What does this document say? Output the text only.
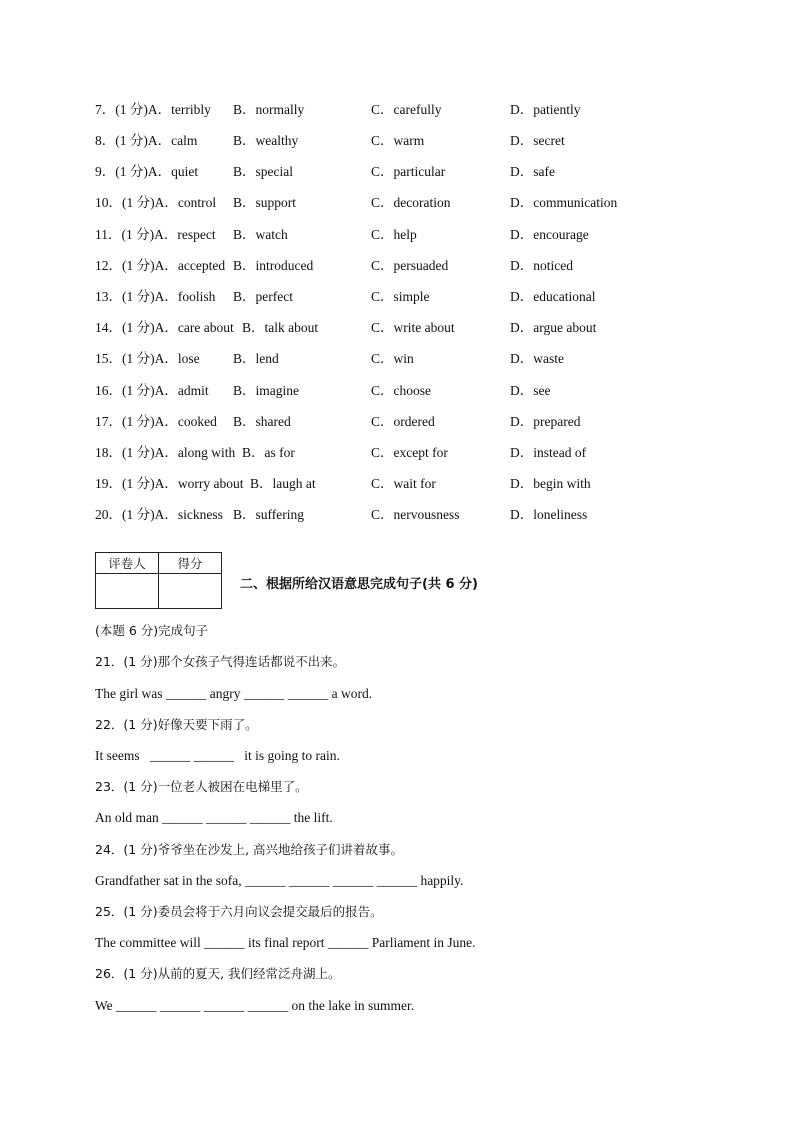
7．(1 分)A．terribly B．normally	C．carefully	D．patiently
8．(1 分)A．calm	B．wealthy	C．warm	D．secret
9．(1 分)A．quiet	B．special	C．particular	D．safe
10．(1 分)A．control B．support	C．decoration	D．communication
11．(1 分)A．respect B．watch	C．help	D．encourage
12．(1 分)A．accepted B．introduced	C．persuaded	D．noticed
13．(1 分)A．foolish B．perfect	C．simple	D．educational
14．(1 分)A．care about B．talk about	C．write about	D．argue about
15．(1 分)A．lose B．lend	C．win	D．waste
16．(1 分)A．admit B．imagine	C．choose	D．see
17．(1 分)A．cooked B．shared	C．ordered	D．prepared
18．(1 分)A．along with B．as for	C．except for	D．instead of
19．(1 分)A．worry about B．laugh at	C．wait for	D．begin with
20．(1 分)A．sickness B．suffering	C．nervousness	D．loneliness
评卷人	得分

二、根据所给汉语意思完成句子(共 6 分)
(本题 6 分)完成句子
21．(1 分)那个女孩子气得连话都说不出来。
The girl was ______ angry ______ ______ a word.
22．(1 分)好像天要下雨了。
It seems   ______ ______   it is going to rain.
23．(1 分)一位老人被困在电梯里了。
An old man ______ ______ ______ the lift.
24．(1 分)爷爷坐在沙发上, 高兴地给孩子们讲着故事。
Grandfather sat in the sofa, ______ ______ ______ ______ happily.
25．(1 分)委员会将于六月向议会提交最后的报告。
The committee will ______ its final report ______ Parliament in June.
26．(1 分)从前的夏天, 我们经常泛舟湖上。
We ______ ______ ______ ______ on the lake in summer.
